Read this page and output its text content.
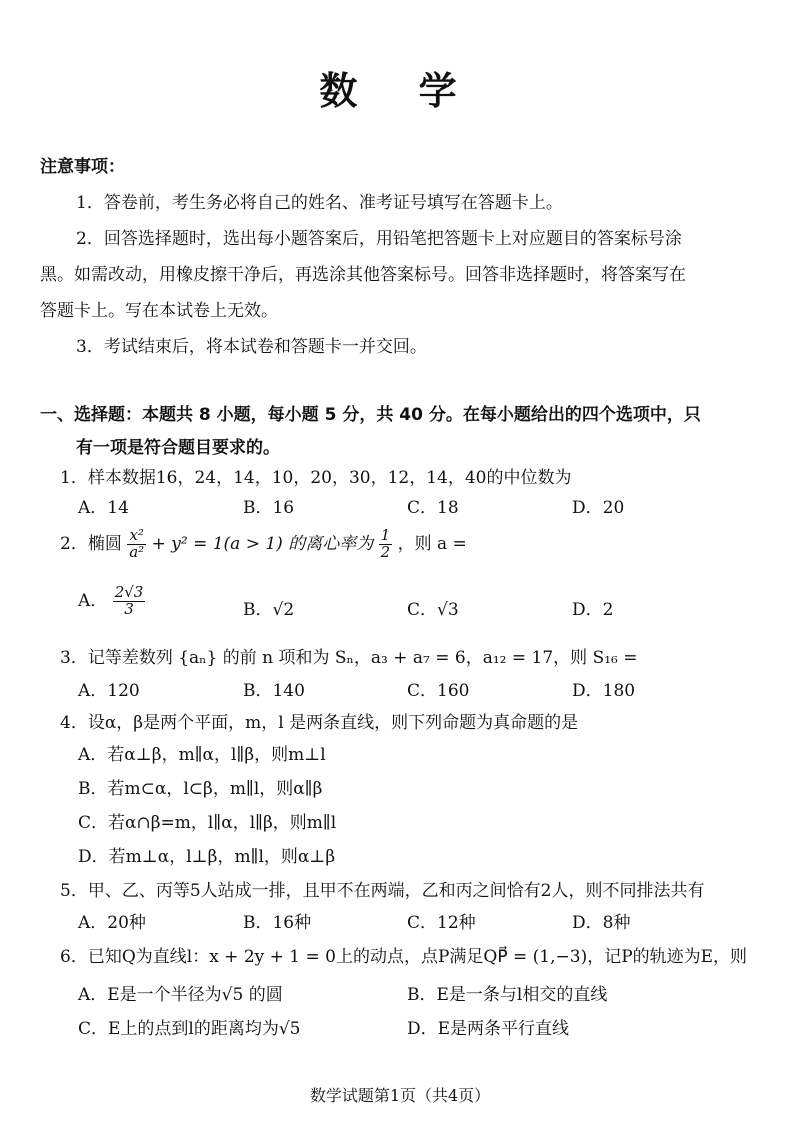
数 学
注意事项：
1．答卷前，考生务必将自己的姓名、准考证号填写在答题卡上。
2．回答选择题时，选出每小题答案后，用铅笔把答题卡上对应题目的答案标号涂
黑。如需改动，用橡皮擦干净后，再选涂其他答案标号。回答非选择题时，将答案写在
答题卡上。写在本试卷上无效。
3．考试结束后，将本试卷和答题卡一并交回。
一、选择题：本题共 8 小题，每小题 5 分，共 40 分。在每小题给出的四个选项中，只
有一项是符合题目要求的。
1．样本数据16，24，14，10，20，30，12，14，40的中位数为
A．14	B．16	C．18	D．20
2．椭圆 $\frac{\text{x²}}{\text{a²}} + y^2 = 1(a > 1)$ 的离心率为 $\frac{1}{2}$ ，则 a =
A． $\frac{2√3}{3}$	B．√2	C．√3	D．2
3．记等差数列 {aₙ} 的前 n 项和为 Sₙ，a₃ + a₇ = 6，a₁₂ = 17，则 S₁₆ =
A．120	B．140	C．160	D．180
4．设α，β是两个平面，m，l 是两条直线，则下列命题为真命题的是
A．若α⊥β，m∥α，l∥β，则m⊥l
B．若m⊂α，l⊂β，m∥l，则α∥β
C．若α∩β=m，l∥α，l∥β，则m∥l
D．若m⊥α，l⊥β，m∥l，则α⊥β
5．甲、乙、丙等5人站成一排，且甲不在两端，乙和丙之间恰有2人，则不同排法共有
A．20种	B．16种	C．12种	D．8种
6．已知Q为直线l：x + 2y + 1 = 0上的动点，点P满足QP⃗ = (1,−3)，记P的轨迹为E，则
A．E是一个半径为√5 的圆	B．E是一条与l相交的直线
C．E上的点到l的距离均为√5	D．E是两条平行直线
数学试题第1页（共4页）
